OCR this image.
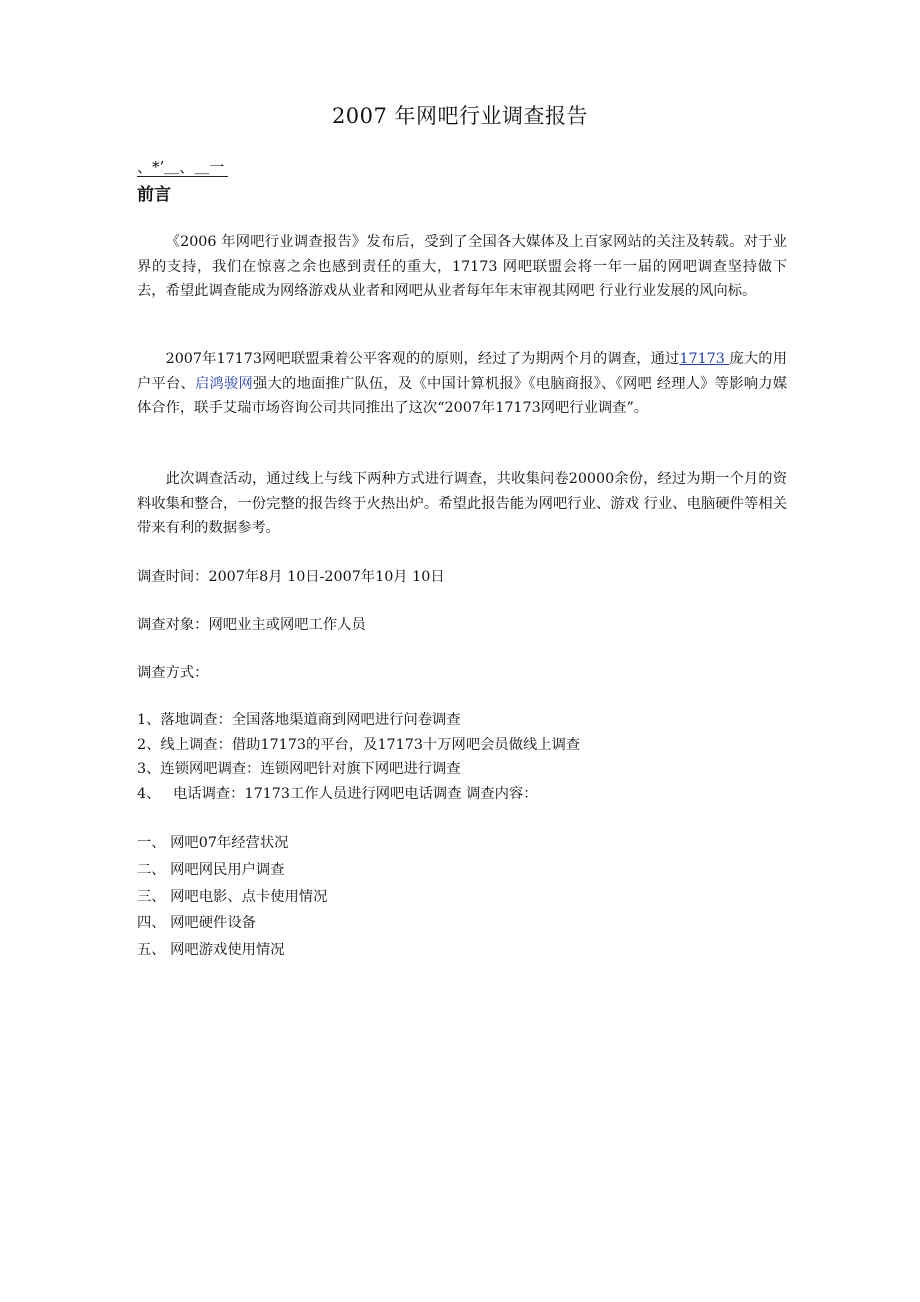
2007 年网吧行业调查报告
、*’＿、＿一
前言
《2006 年网吧行业调查报告》发布后，受到了全国各大媒体及上百家网站的关注及转载。对于业界的支持，我们在惊喜之余也感到责任的重大，17173 网吧联盟会将一年一届的网吧调查坚持做下去，希望此调查能成为网络游戏从业者和网吧从业者每年年末审视其网吧 行业行业发展的风向标。
2007年17173网吧联盟秉着公平客观的的原则，经过了为期两个月的调查，通过17173 庞大的用户平台、启鸿骏网强大的地面推广队伍，及《中国计算机报》《电脑商报》、《网吧 经理人》等影响力媒体合作，联手艾瑞市场咨询公司共同推出了这次“2007年17173网吧行业调查”。
此次调查活动，通过线上与线下两种方式进行调查，共收集问卷20000余份，经过为期一个月的资料收集和整合，一份完整的报告终于火热出炉。希望此报告能为网吧行业、游戏 行业、电脑硬件等相关带来有利的数据参考。
调查时间：2007年8月 10日-2007年10月 10日
调查对象：网吧业主或网吧工作人员
调查方式：
1、落地调查：全国落地渠道商到网吧进行问卷调查
2、线上调查：借助17173的平台，及17173十万网吧会员做线上调查
3、连锁网吧调查：连锁网吧针对旗下网吧进行调查
4、 电话调查：17173工作人员进行网吧电话调查 调查内容：
一、 网吧07年经营状况
二、 网吧网民用户调查
三、 网吧电影、点卡使用情况
四、 网吧硬件设备
五、 网吧游戏使用情况
